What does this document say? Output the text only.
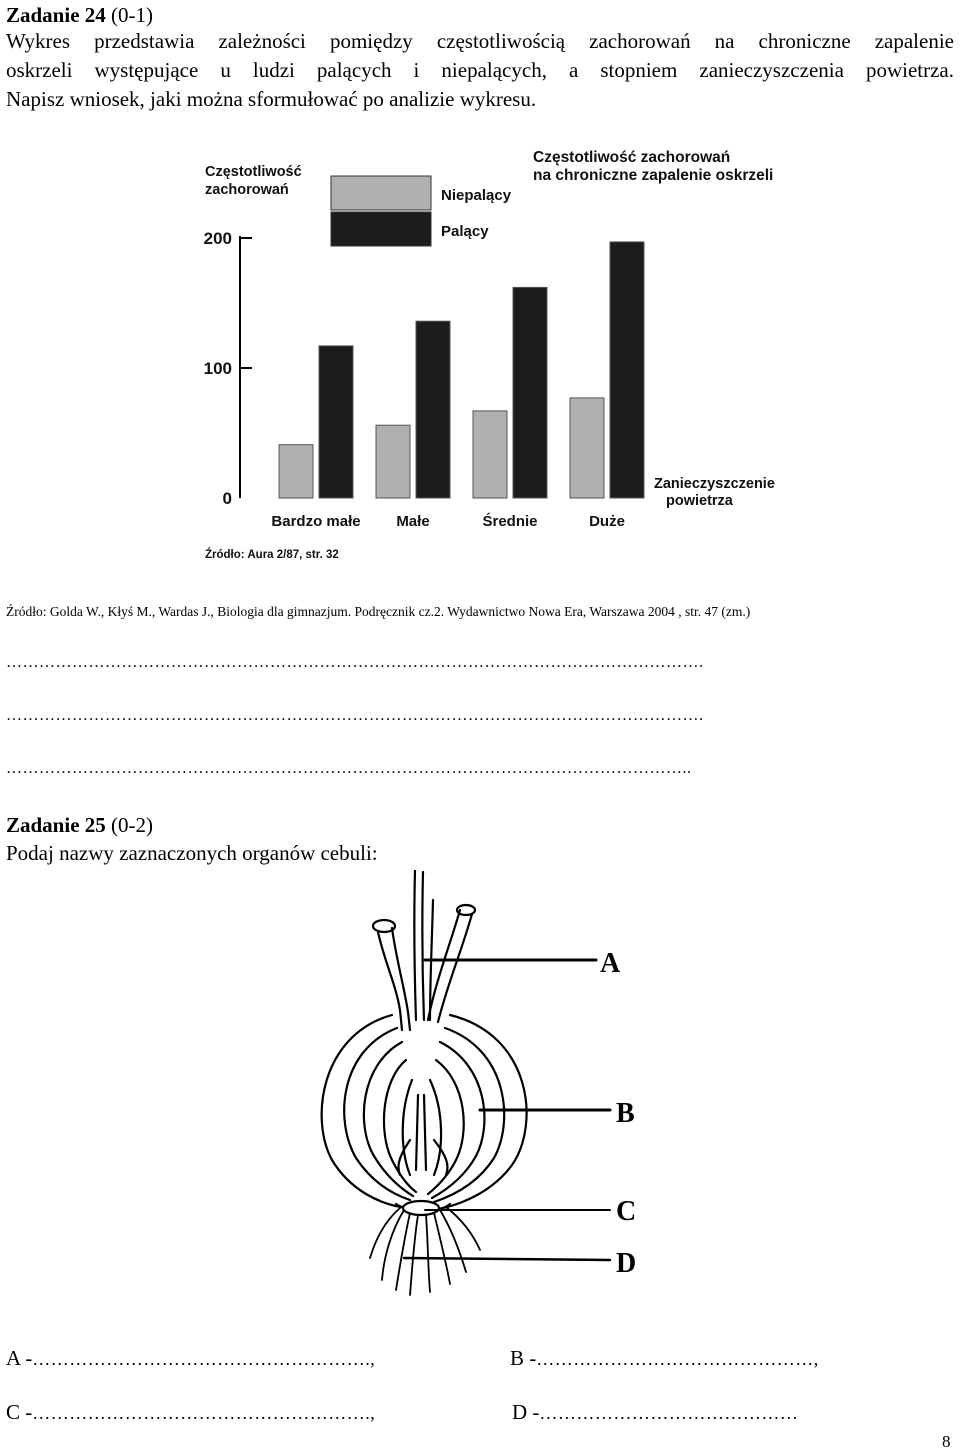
Zadanie 24 (0-1)
Wykres przedstawia zależności pomiędzy częstotliwością zachorowań na chroniczne zapalenie
oskrzeli występujące u ludzi palących i niepalących, a stopniem zanieczyszczenia powietrza.
Napisz wniosek, jaki można sformułować po analizie wykresu.
0
100
200
Częstotliwość
zachorowań
Częstotliwość zachorowań
na chroniczne zapalenie oskrzeli
Niepalący
Palący
Bardzo małe Małe	Średnie	Duże
Zanieczyszczenie
powietrza
Źródło: Aura 2/87, str. 32
Źródło: Golda W., Kłyś M., Wardas J., Biologia dla gimnazjum. Podręcznik cz.2. Wydawnictwo Nowa Era, Warszawa 2004 , str. 47 (zm.)
……………………………………………………………………………………………………………….
……………………………………………………………………………………………………………….
……………………………………………………………………………………………………………..
Zadanie 25 (0-2)
Podaj nazwy zaznaczonych organów cebuli:
A
B
C
D
A -……………………………………………….,	B -………………………………………,
C -……………………………………………….,	D -……………………………………
8
